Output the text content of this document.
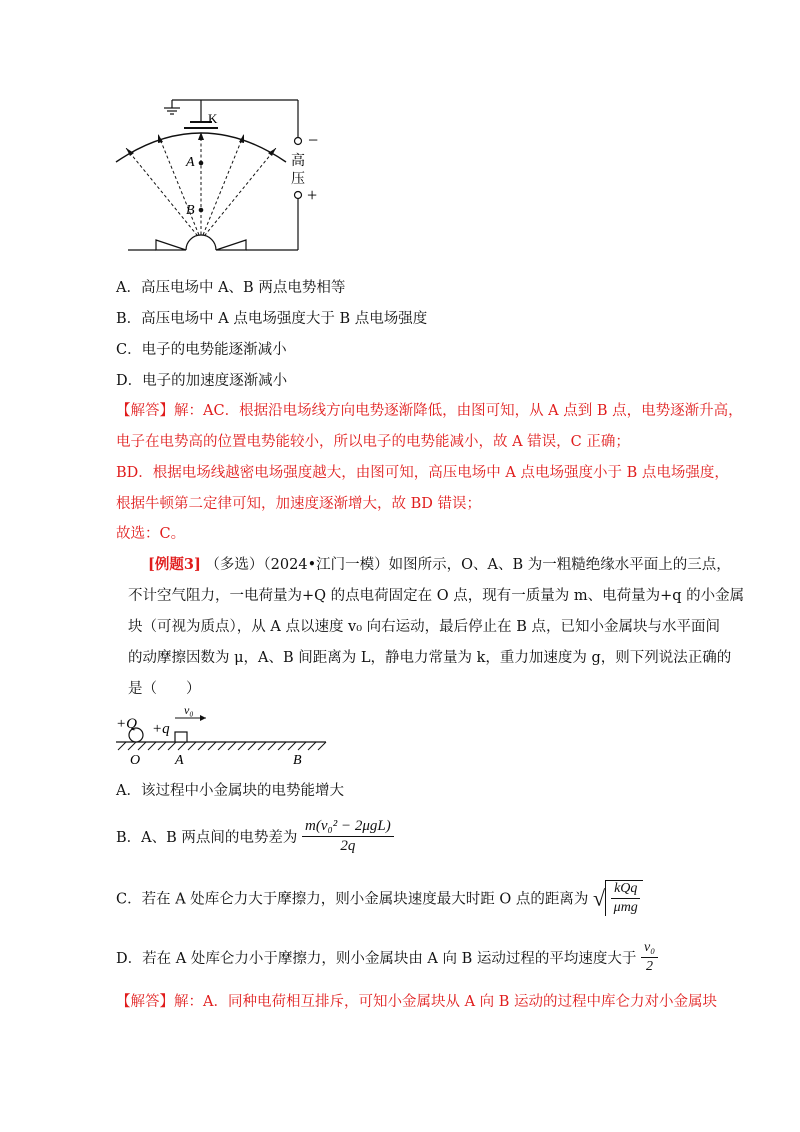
A
B
K
−
+
高
压
A．高压电场中 A、B 两点电势相等
B．高压电场中 A 点电场强度大于 B 点电场强度
C．电子的电势能逐渐减小
D．电子的加速度逐渐减小
【解答】解：AC．根据沿电场线方向电势逐渐降低，由图可知，从 A 点到 B 点，电势逐渐升高，
电子在电势高的位置电势能较小，所以电子的电势能减小，故 A 错误，C 正确；
BD．根据电场线越密电场强度越大，由图可知，高压电场中 A 点电场强度小于 B 点电场强度，
根据牛顿第二定律可知，加速度逐渐增大，故 BD 错误；
故选：C。
[例题3] （多选）（2024•江门一模）如图所示，O、A、B 为一粗糙绝缘水平面上的三点，
不计空气阻力，一电荷量为+Q 的点电荷固定在 O 点，现有一质量为 m、电荷量为+q 的小金属
块（可视为质点），从 A 点以速度 v₀ 向右运动，最后停止在 B 点，已知小金属块与水平面间
的动摩擦因数为 μ，A、B 间距离为 L，静电力常量为 k，重力加速度为 g，则下列说法正确的
是（　　）
+Q +q
v₀
O A	B
A．该过程中小金属块的电势能增大
B．A、B 两点间的电势差为 $\frac{\text{m(v₀² − 2μgL)}}{2q}$
C．若在 A 处库仑力大于摩擦力，则小金属块速度最大时距 O 点的距离为 √ $\frac{\text{kQq}}{\text{μmg}}$
D．若在 A 处库仑力小于摩擦力，则小金属块由 A 向 B 运动过程的平均速度大于 $\frac{\text{v₀}}{2}$
【解答】解：A．同种电荷相互排斥，可知小金属块从 A 向 B 运动的过程中库仑力对小金属块
